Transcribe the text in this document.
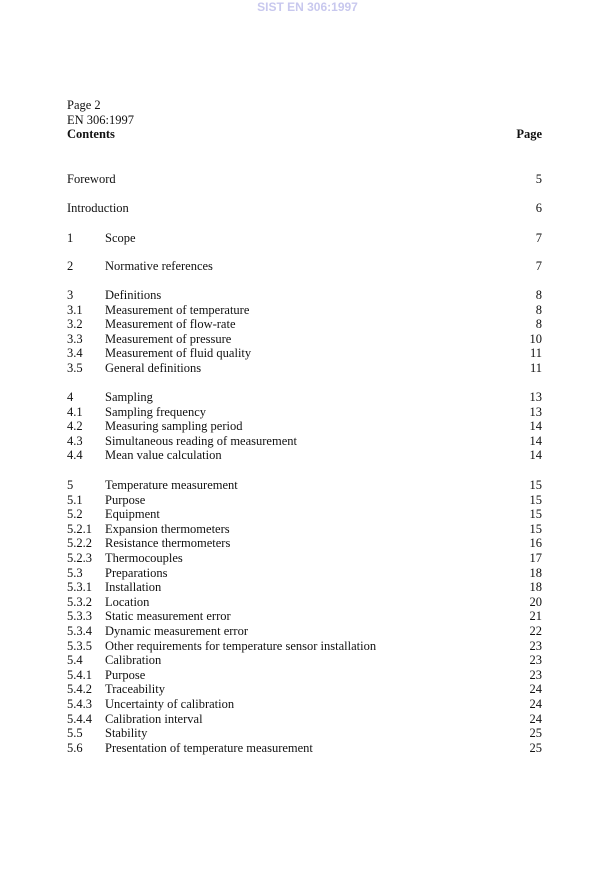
SIST EN 306:1997
Page 2
EN 306:1997
Contents	Page
Foreword	5
Introduction	6
1	Scope	7
2	Normative references	7
3	Definitions	8
3.1 Measurement of temperature	8
3.2 Measurement of flow-rate	8
3.3 Measurement of pressure	10
3.4 Measurement of fluid quality	11
3.5 General definitions	11
4	Sampling	13
4.1 Sampling frequency	13
4.2 Measuring sampling period	14
4.3 Simultaneous reading of measurement	14
4.4 Mean value calculation	14
5	Temperature measurement	15
5.1 Purpose	15
5.2 Equipment	15
5.2.1 Expansion thermometers	15
5.2.2 Resistance thermometers	16
5.2.3 Thermocouples	17
5.3 Preparations	18
5.3.1 Installation	18
5.3.2 Location	20
5.3.3 Static measurement error	21
5.3.4 Dynamic measurement error	22
5.3.5 Other requirements for temperature sensor installation	23
5.4 Calibration	23
5.4.1 Purpose	23
5.4.2 Traceability	24
5.4.3 Uncertainty of calibration	24
5.4.4 Calibration interval	24
5.5 Stability	25
5.6 Presentation of temperature measurement	25
